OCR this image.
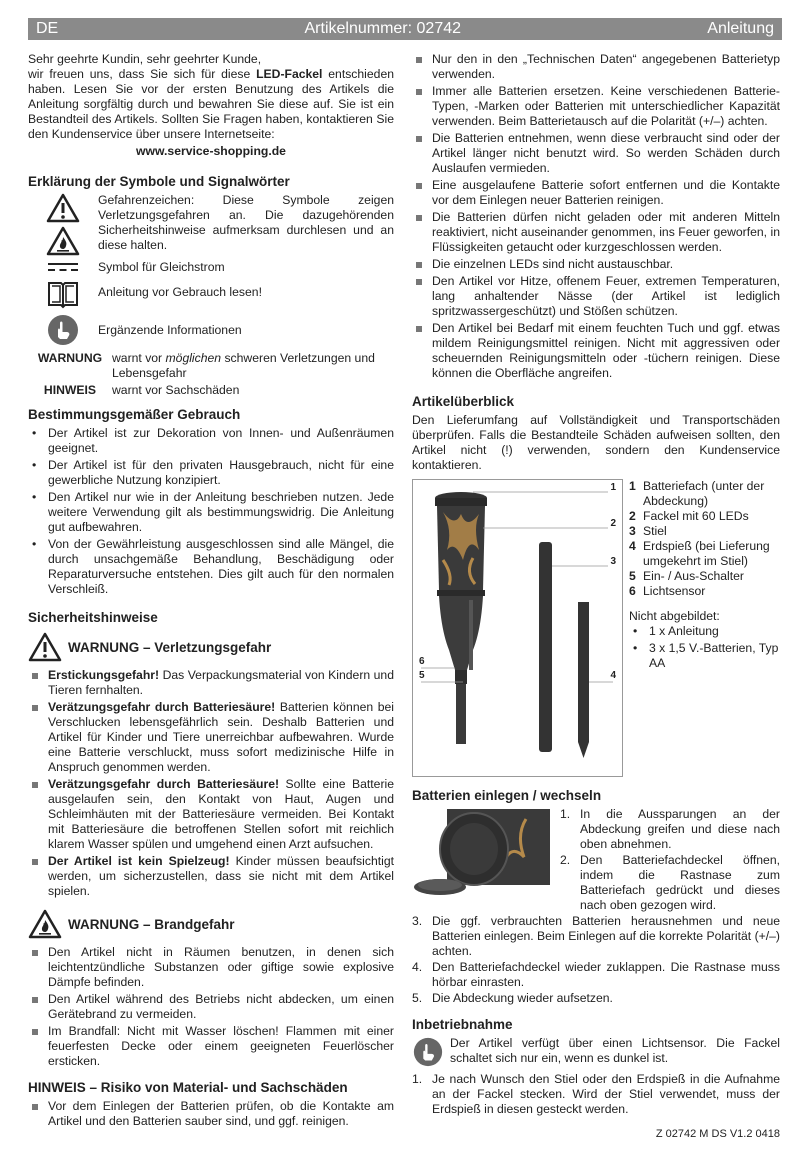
DE	Artikelnummer: 02742	Anleitung

Sehr geehrte Kundin, sehr geehrter Kunde,

wir freuen uns, dass Sie sich für diese LED-Fackel entschieden haben. Lesen Sie vor der ersten Benutzung des Artikels die Anleitung sorgfältig durch und bewahren Sie diese auf. Sie ist ein Bestandteil des Artikels. Sollten Sie Fragen haben, kontaktieren Sie den Kundenservice über unsere Internetseite:

www.service-shopping.de

Erklärung der Symbole und Signalwörter
Gefahrenzeichen: Diese Symbole zeigen Verletzungsgefahren an. Die dazugehörenden Sicherheitshinweise aufmerksam durchlesen und an diese halten.
Symbol für Gleichstrom
Anleitung vor Gebrauch lesen!
Ergänzende Informationen
WARNUNG warnt vor möglichen schweren Verletzungen und Lebensgefahr
HINWEIS	warnt vor Sachschäden
Bestimmungsgemäßer Gebrauch
• Der Artikel ist zur Dekoration von Innen- und Außenräumen geeignet.
• Der Artikel ist für den privaten Hausgebrauch, nicht für eine gewerbliche Nutzung konzipiert.
• Den Artikel nur wie in der Anleitung beschrieben nutzen. Jede weitere Verwendung gilt als bestimmungswidrig. Die Anleitung gut aufbewahren.
• Von der Gewährleistung ausgeschlossen sind alle Mängel, die durch unsachgemäße Behandlung, Beschädigung oder Reparaturversuche entstehen. Dies gilt auch für den normalen Verschleiß.
Sicherheitshinweise
WARNUNG – Verletzungsgefahr
Erstickungsgefahr! Das Verpackungsmaterial von Kindern und Tieren fernhalten.
Verätzungsgefahr durch Batteriesäure! Batterien können bei Verschlucken lebensgefährlich sein. Deshalb Batterien und Artikel für Kinder und Tiere unerreichbar aufbewahren. Wurde eine Batterie verschluckt, muss sofort medizinische Hilfe in Anspruch genommen werden.
Verätzungsgefahr durch Batteriesäure! Sollte eine Batterie ausgelaufen sein, den Kontakt von Haut, Augen und Schleimhäuten mit der Batteriesäure vermeiden. Bei Kontakt mit Batteriesäure die betroffenen Stellen sofort mit reichlich klarem Wasser spülen und umgehend einen Arzt aufsuchen.
Der Artikel ist kein Spielzeug! Kinder müssen beaufsichtigt werden, um sicherzustellen, dass sie nicht mit dem Artikel spielen.
WARNUNG – Brandgefahr
Den Artikel nicht in Räumen benutzen, in denen sich leichtentzündliche Substanzen oder giftige sowie explosive Dämpfe befinden.
Den Artikel während des Betriebs nicht abdecken, um einen Gerätebrand zu vermeiden.
Im Brandfall: Nicht mit Wasser löschen! Flammen mit einer feuerfesten Decke oder einem geeigneten Feuerlöscher ersticken.
HINWEIS – Risiko von Material- und Sachschäden
Vor dem Einlegen der Batterien prüfen, ob die Kontakte am Artikel und den Batterien sauber sind, und ggf. reinigen.
Nur den in den „Technischen Daten“ angegebenen Batterietyp verwenden.
Immer alle Batterien ersetzen. Keine verschiedenen Batterie-Typen, -Marken oder Batterien mit unterschiedlicher Kapazität verwenden. Beim Batterietausch auf die Polarität (+/–) achten.
Die Batterien entnehmen, wenn diese verbraucht sind oder der Artikel länger nicht benutzt wird. So werden Schäden durch Auslaufen vermieden.
Eine ausgelaufene Batterie sofort entfernen und die Kontakte vor dem Einlegen neuer Batterien reinigen.
Die Batterien dürfen nicht geladen oder mit anderen Mitteln reaktiviert, nicht auseinander genommen, ins Feuer geworfen, in Flüssigkeiten getaucht oder kurzgeschlossen werden.
Die einzelnen LEDs sind nicht austauschbar.
Den Artikel vor Hitze, offenem Feuer, extremen Temperaturen, lang anhaltender Nässe (der Artikel ist lediglich spritzwassergeschützt) und Stößen schützen.
Den Artikel bei Bedarf mit einem feuchten Tuch und ggf. etwas mildem Reinigungsmittel reinigen. Nicht mit aggressiven oder scheuernden Reinigungsmitteln oder -tüchern reinigen. Diese können die Oberfläche angreifen.
Artikelüberblick

Den Lieferumfang auf Vollständigkeit und Transportschäden überprüfen. Falls die Bestandteile Schäden aufweisen sollten, den Artikel nicht (!) verwenden, sondern den Kundenservice kontaktieren.

1
2
3
6
5	4
1 Batteriefach (unter der Abdeckung)
2 Fackel mit 60 LEDs
3 Stiel
4 Erdspieß (bei Lieferung umgekehrt im Stiel)
5 Ein- / Aus-Schalter
6 Lichtsensor

Nicht abgebildet:

• 1 x Anleitung
• 3 x 1,5 V.-Batterien, Typ AA
Batterien einlegen / wechseln
1. In die Aussparungen an der Abdeckung greifen und diese nach oben abnehmen.
2. Den Batteriefachdeckel öffnen, indem die Rastnase zum Batteriefach gedrückt und dieses nach oben gezogen wird.
3. Die ggf. verbrauchten Batterien herausnehmen und neue Batterien einlegen. Beim Einlegen auf die korrekte Polarität (+/–) achten.
4. Den Batteriefachdeckel wieder zuklappen. Die Rastnase muss hörbar einrasten.
5. Die Abdeckung wieder aufsetzen.
Inbetriebnahme

Der Artikel verfügt über einen Lichtsensor. Die Fackel schaltet sich nur ein, wenn es dunkel ist.

1. Je nach Wunsch den Stiel oder den Erdspieß in die Aufnahme an der Fackel stecken. Wird der Stiel verwendet, muss der Erdspieß in diesen gesteckt werden.
Z 02742 M DS V1.2 0418
